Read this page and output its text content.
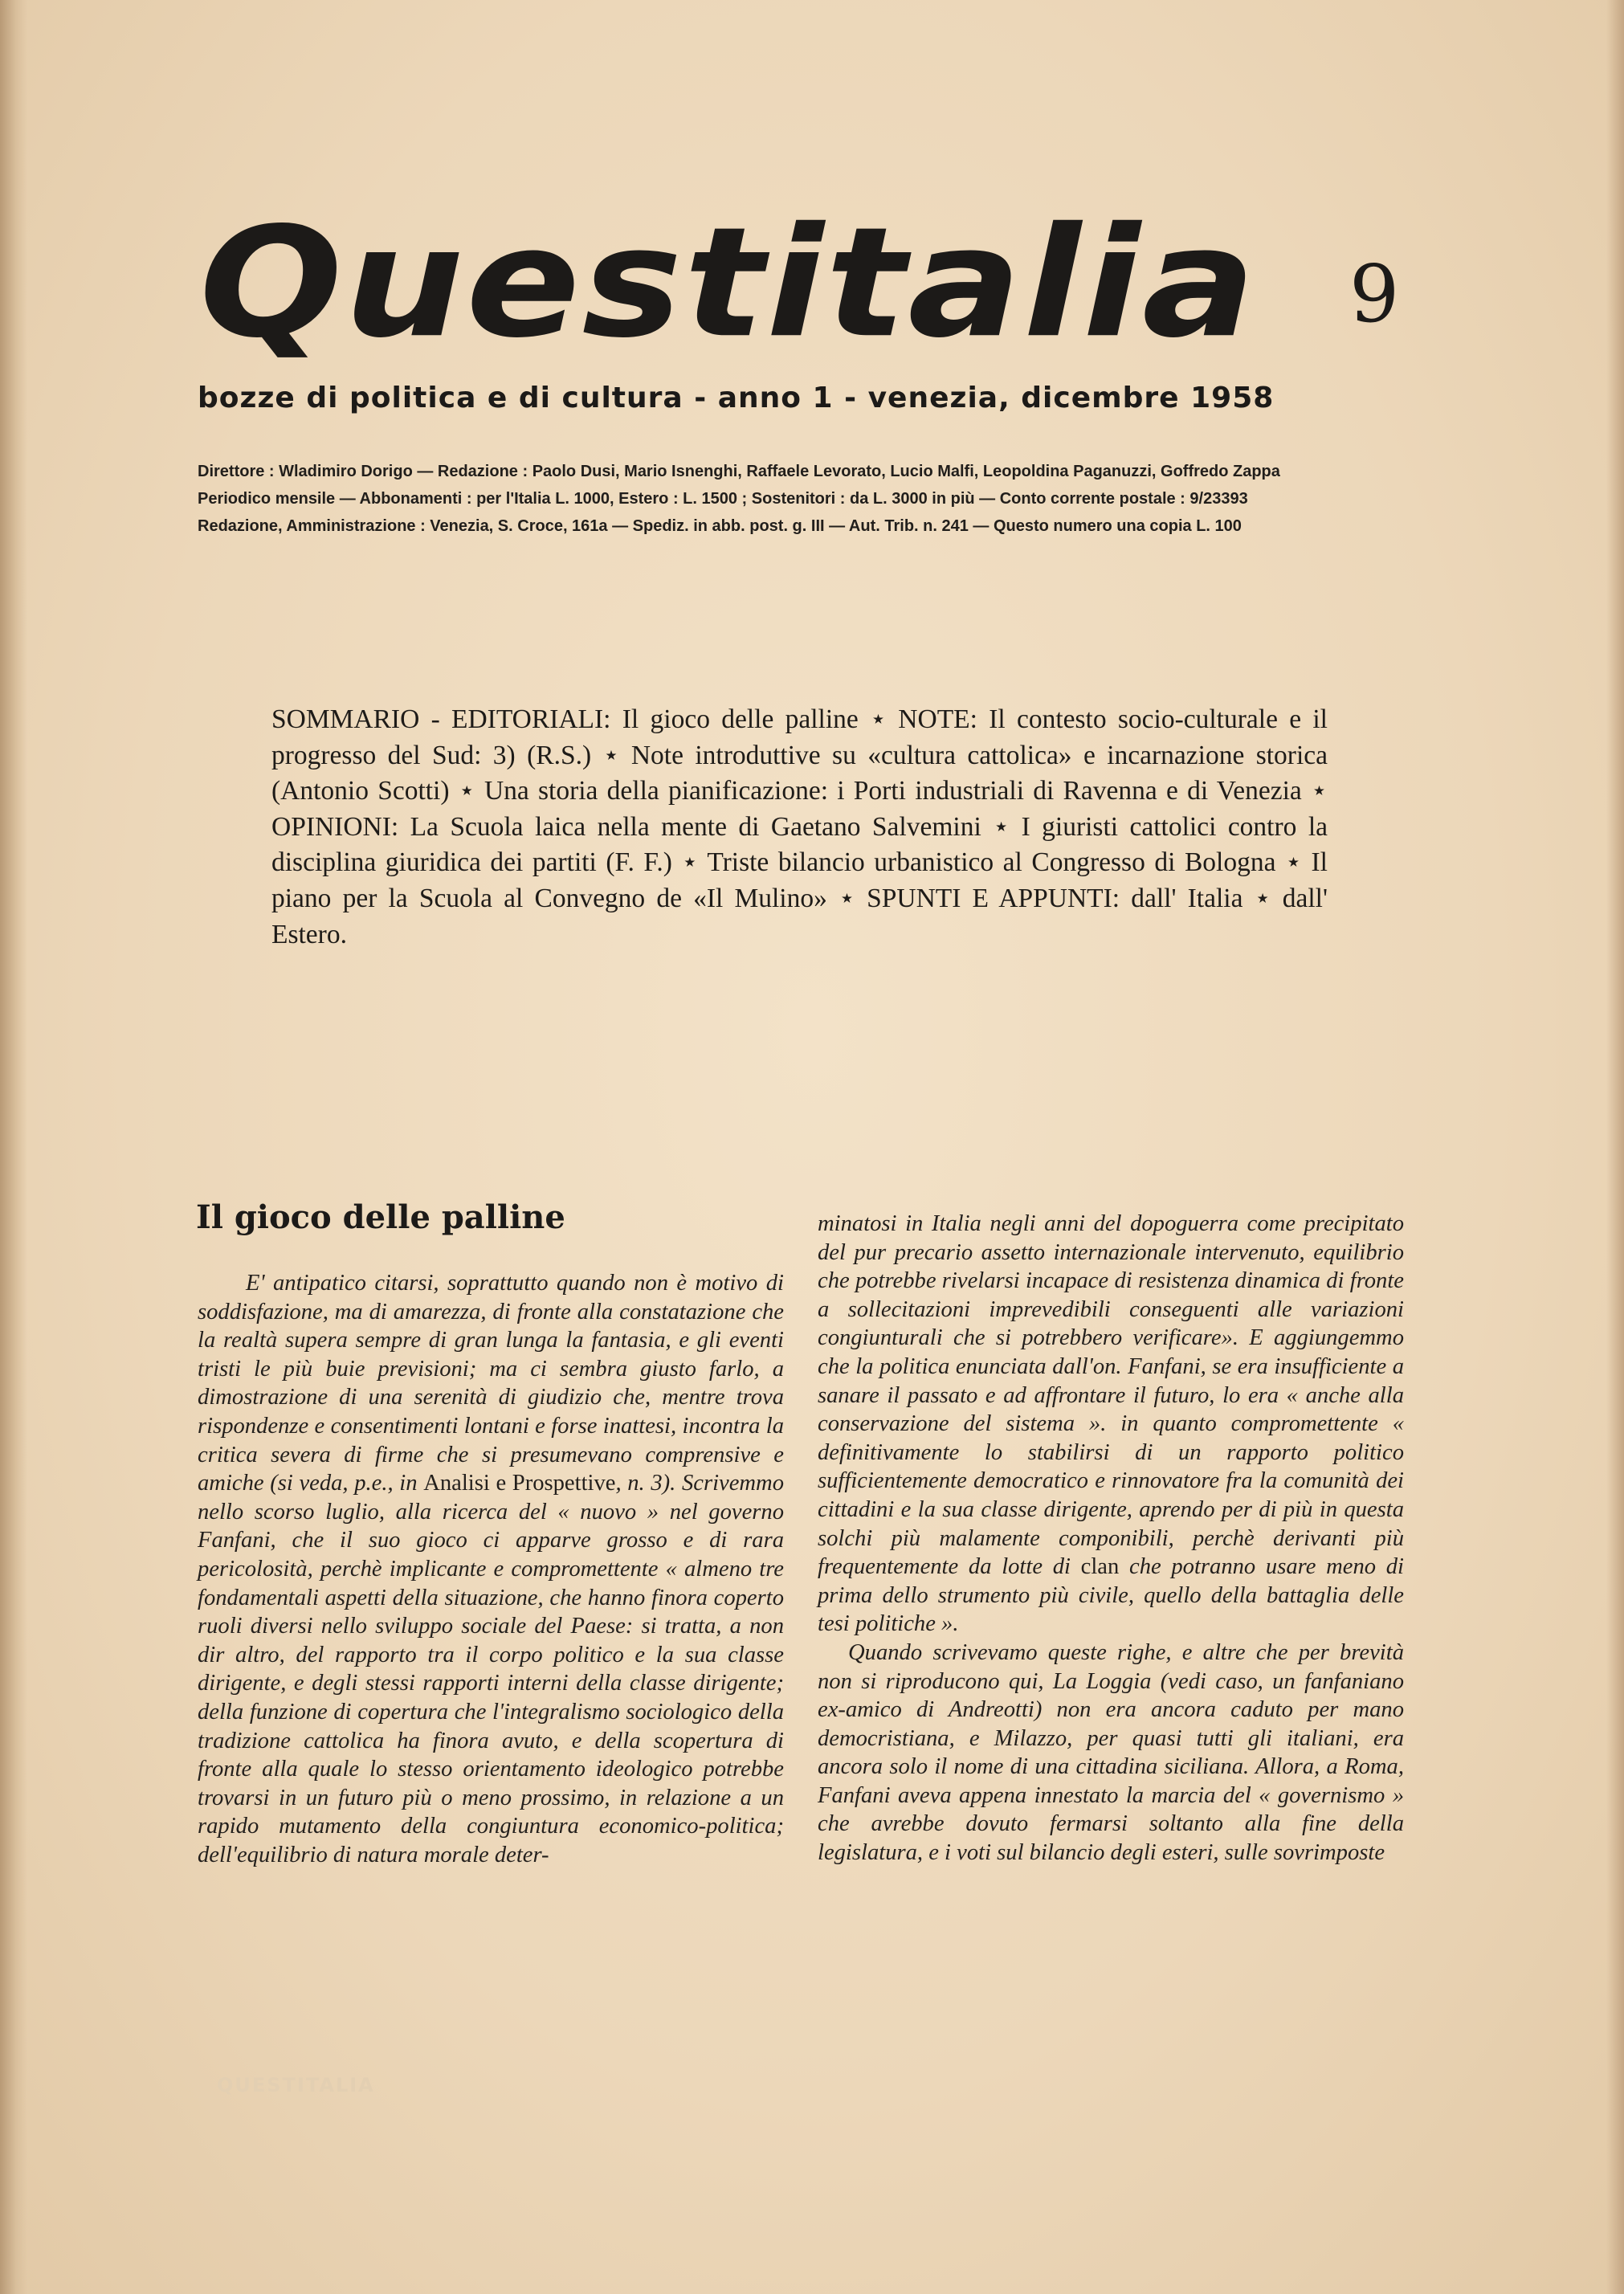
Questitalia 9
bozze di politica e di cultura - anno 1 - venezia, dicembre 1958
Direttore : Wladimiro Dorigo — Redazione : Paolo Dusi, Mario Isnenghi, Raffaele Levorato, Lucio Malfi, Leopoldina Paganuzzi, Goffredo Zappa
Periodico mensile — Abbonamenti : per l'Italia L. 1000, Estero : L. 1500 ; Sostenitori : da L. 3000 in più — Conto corrente postale : 9/23393
Redazione, Amministrazione : Venezia, S. Croce, 161a — Spediz. in abb. post. g. III — Aut. Trib. n. 241 — Questo numero una copia L. 100
SOMMARIO - EDITORIALI: Il gioco delle palline ⋆ NOTE: Il contesto socio-culturale e il progresso del Sud: 3) (R.S.) ⋆ Note introduttive su «cultura cattolica» e incarnazione storica (Antonio Scotti) ⋆ Una storia della pianificazione: i Porti industriali di Ravenna e di Venezia ⋆ OPINIONI: La Scuola laica nella mente di Gaetano Salvemini ⋆ I giuristi cattolici contro la disciplina giuridica dei partiti (F. F.) ⋆ Triste bilancio urbanistico al Congresso di Bologna ⋆ Il piano per la Scuola al Convegno de «Il Mulino» ⋆ SPUNTI E APPUNTI: dall' Italia ⋆ dall' Estero.
Il gioco delle palline
E' antipatico citarsi, soprattutto quando non è motivo di soddisfazione, ma di amarezza, di fronte alla constatazione che la realtà supera sempre di gran lunga la fantasia, e gli eventi tristi le più buie previsioni; ma ci sembra giusto farlo, a dimostrazione di una serenità di giudizio che, mentre trova rispondenze e consentimenti lontani e forse inattesi, incontra la critica severa di firme che si presumevano comprensive e amiche (si veda, p.e., in Analisi e Prospettive, n. 3). Scrivemmo nello scorso luglio, alla ricerca del « nuovo » nel governo Fanfani, che il suo gioco ci apparve grosso e di rara pericolosità, perchè implicante e compromettente « almeno tre fondamentali aspetti della situazione, che hanno finora coperto ruoli diversi nello sviluppo sociale del Paese: si tratta, a non dir altro, del rapporto tra il corpo politico e la sua classe dirigente, e degli stessi rapporti interni della classe dirigente; della funzione di copertura che l'integralismo sociologico della tradizione cattolica ha finora avuto, e della scopertura di fronte alla quale lo stesso orientamento ideologico potrebbe trovarsi in un futuro più o meno prossimo, in relazione a un rapido mutamento della congiuntura economico-politica; dell'equilibrio di natura morale deter-

minatosi in Italia negli anni del dopoguerra come precipitato del pur precario assetto internazionale intervenuto, equilibrio che potrebbe rivelarsi incapace di resistenza dinamica di fronte a sollecitazioni imprevedibili conseguenti alle variazioni congiunturali che si potrebbero verificare». E aggiungemmo che la politica enunciata dall'on. Fanfani, se era insufficiente a sanare il passato e ad affrontare il futuro, lo era « anche alla conservazione del sistema ». in quanto compromettente « definitivamente lo stabilirsi di un rapporto politico sufficientemente democratico e rinnovatore fra la comunità dei cittadini e la sua classe dirigente, aprendo per di più in questa solchi più malamente componibili, perchè derivanti più frequentemente da lotte di clan che potranno usare meno di prima dello strumento più civile, quello della battaglia delle tesi politiche ».

Quando scrivevamo queste righe, e altre che per brevità non si riproducono qui, La Loggia (vedi caso, un fanfaniano ex-amico di Andreotti) non era ancora caduto per mano democristiana, e Milazzo, per quasi tutti gli italiani, era ancora solo il nome di una cittadina siciliana. Allora, a Roma, Fanfani aveva appena innestato la marcia del « governismo » che avrebbe dovuto fermarsi soltanto alla fine della legislatura, e i voti sul bilancio degli esteri, sulle sovrimposte

QUESTITALIA
